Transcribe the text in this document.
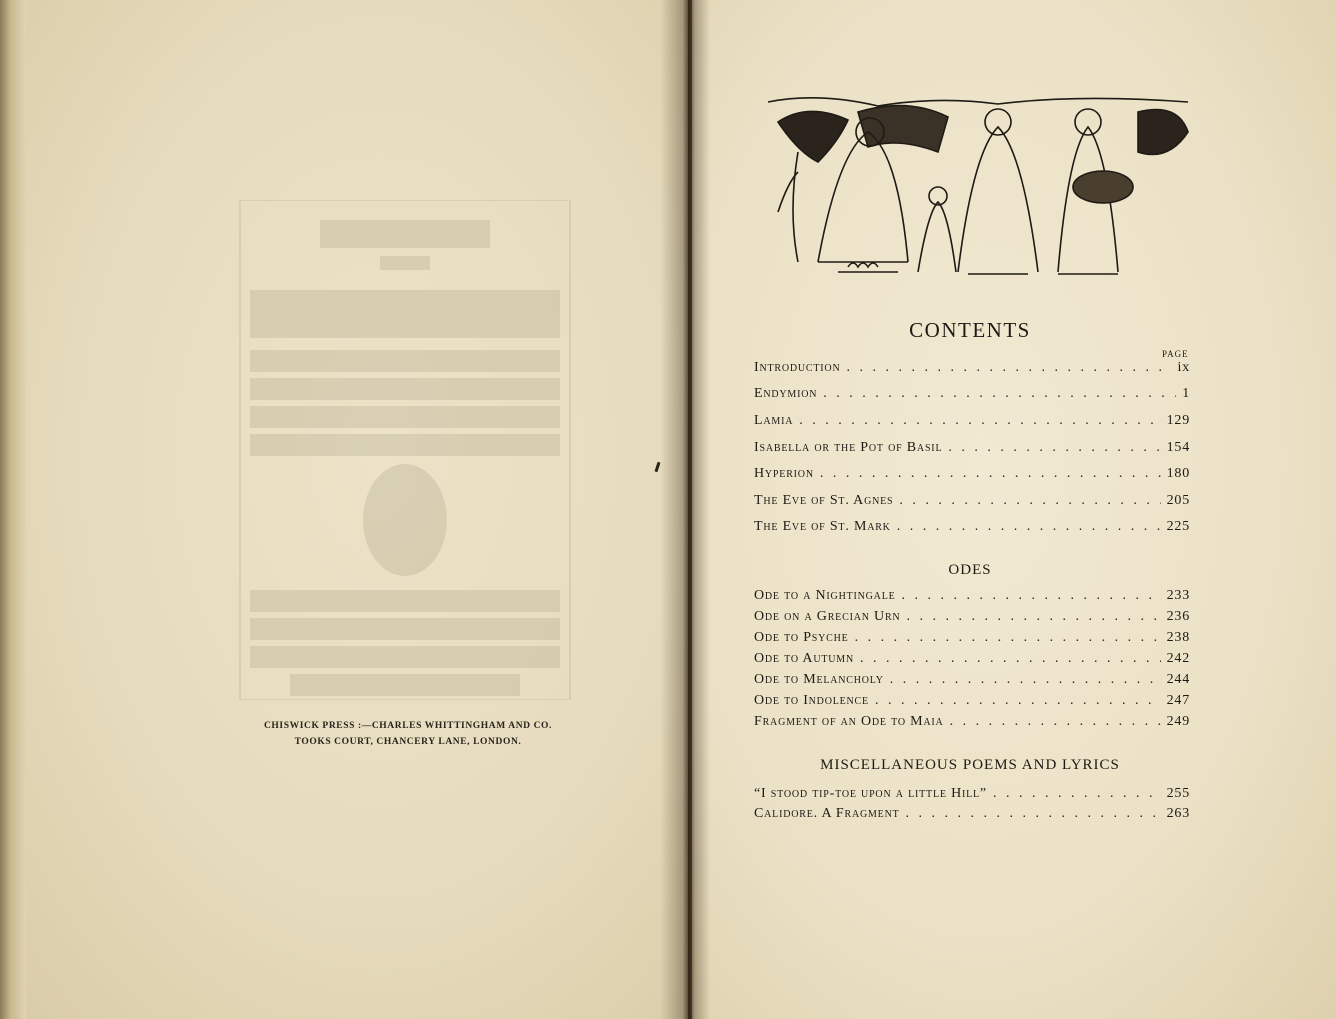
CHISWICK PRESS :—CHARLES WHITTINGHAM AND CO.
TOOKS COURT, CHANCERY LANE, LONDON.
CONTENTS
PAGE
Introduction . . .	ix
Endymion . . .	1
Lamia . . .	129
Isabella or the Pot of Basil . . .	154
Hyperion . . .	180
The Eve of St. Agnes . . .	205
The Eve of St. Mark . . .	225
ODES
Ode to a Nightingale . . .	233
Ode on a Grecian Urn . . .	236
Ode to Psyche . . .	238
Ode to Autumn . . .	242
Ode to Melancholy . . .	244
Ode to Indolence . . .	247
Fragment of an Ode to Maia . . .	249
MISCELLANEOUS POEMS AND LYRICS
“I stood tip-toe upon a little Hill” . . .	255
Calidore. A Fragment . . .	263
